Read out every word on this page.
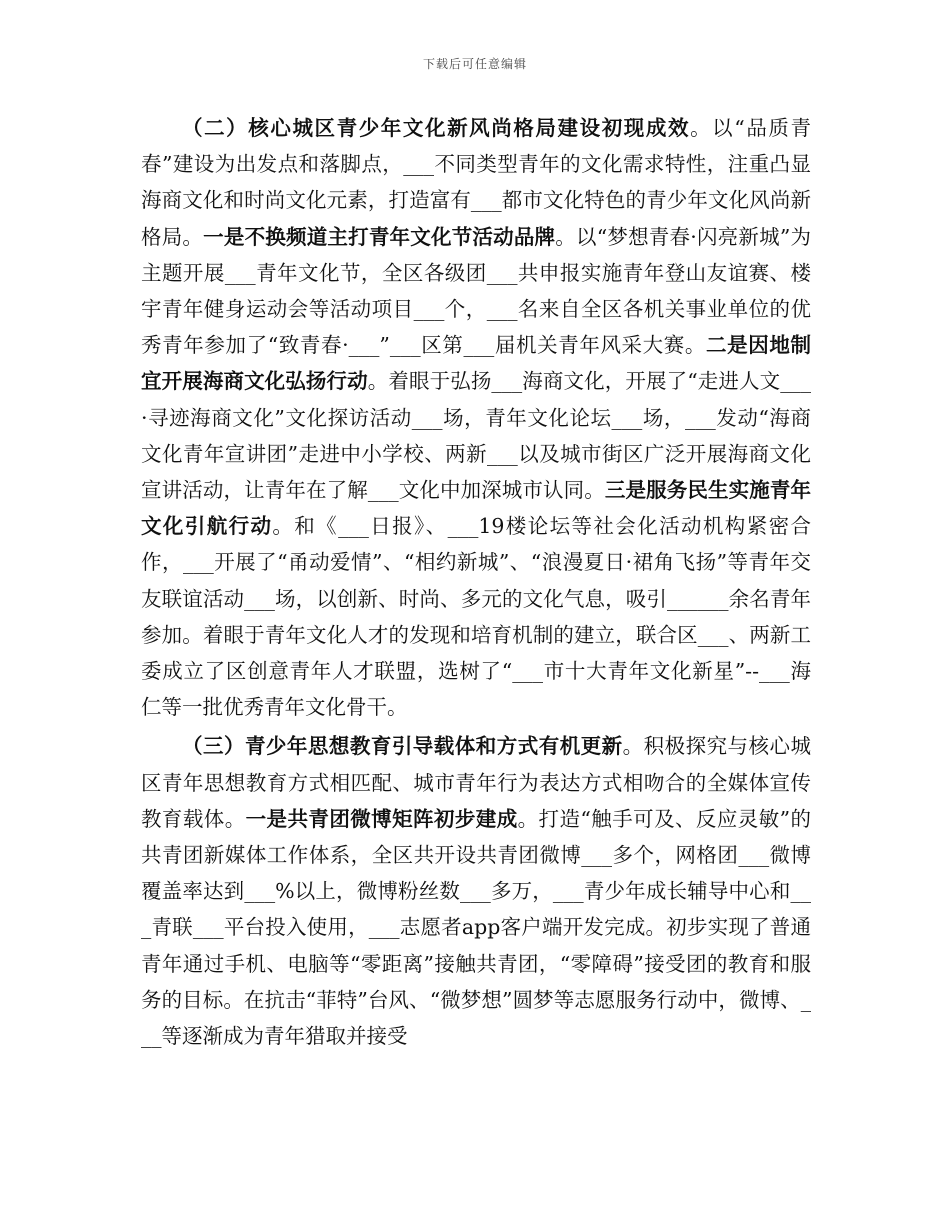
下载后可任意编辑

（二）核心城区青少年文化新风尚格局建设初现成效。以“品质青春”建设为出发点和落脚点，___不同类型青年的文化需求特性，注重凸显海商文化和时尚文化元素，打造富有___都市文化特色的青少年文化风尚新格局。一是不换频道主打青年文化节活动品牌。以“梦想青春·闪亮新城”为主题开展___青年文化节，全区各级团___共申报实施青年登山友谊赛、楼宇青年健身运动会等活动项目___个，___名来自全区各机关事业单位的优秀青年参加了“致青春·___”___区第___届机关青年风采大赛。二是因地制宜开展海商文化弘扬行动。着眼于弘扬___海商文化，开展了“走进人文___·寻迹海商文化”文化探访活动___场，青年文化论坛___场，___发动“海商文化青年宣讲团”走进中小学校、两新___以及城市街区广泛开展海商文化宣讲活动，让青年在了解___文化中加深城市认同。三是服务民生实施青年文化引航行动。和《___日报》、___19楼论坛等社会化活动机构紧密合作，___开展了“甬动爱情”、“相约新城”、“浪漫夏日·裙角飞扬”等青年交友联谊活动___场，以创新、时尚、多元的文化气息，吸引______余名青年参加。着眼于青年文化人才的发现和培育机制的建立，联合区___、两新工委成立了区创意青年人才联盟，选树了“___市十大青年文化新星”--___海仁等一批优秀青年文化骨干。

（三）青少年思想教育引导载体和方式有机更新。积极探究与核心城区青年思想教育方式相匹配、城市青年行为表达方式相吻合的全媒体宣传教育载体。一是共青团微博矩阵初步建成。打造“触手可及、反应灵敏”的共青团新媒体工作体系，全区共开设共青团微博___多个，网格团___微博覆盖率达到___%以上，微博粉丝数___多万，___青少年成长辅导中心和___青联___平台投入使用，___志愿者app客户端开发完成。初步实现了普通青年通过手机、电脑等“零距离”接触共青团，“零障碍”接受团的教育和服务的目标。在抗击“菲特”台风、“微梦想”圆梦等志愿服务行动中，微博、___等逐渐成为青年猎取并接受
